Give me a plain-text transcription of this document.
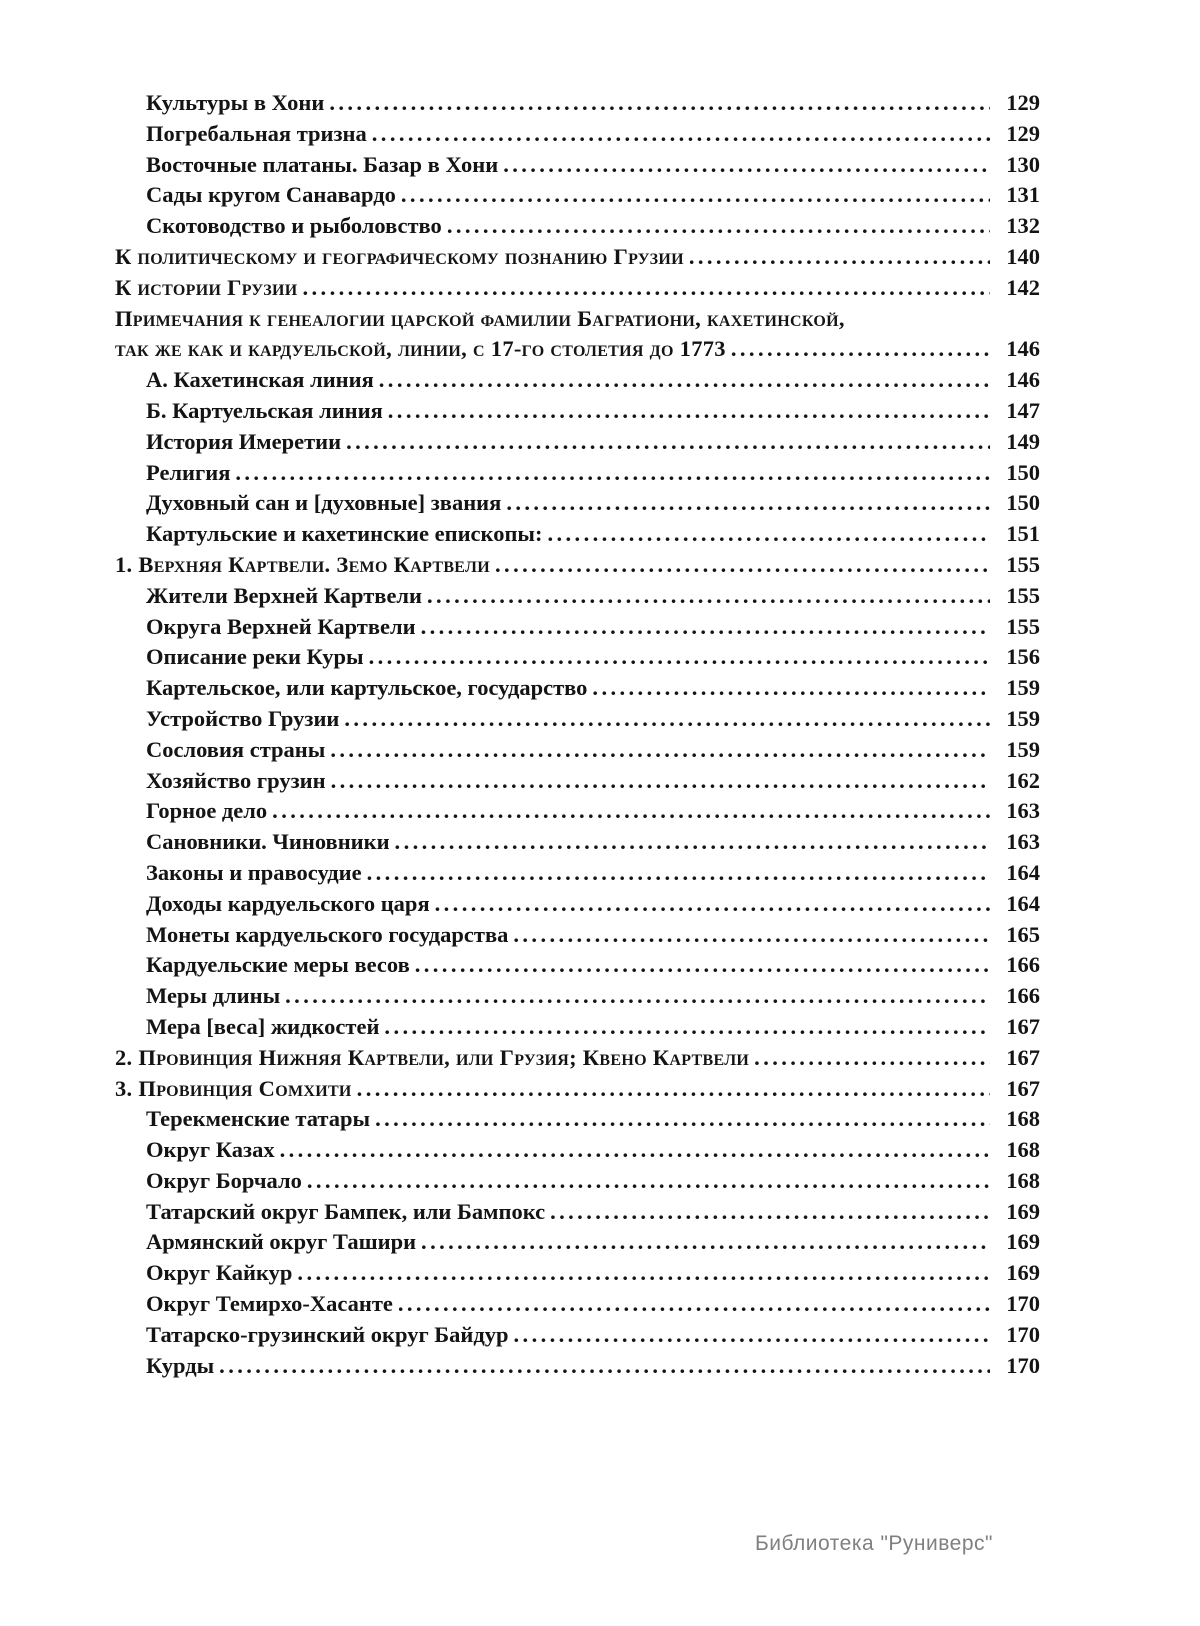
Культуры в Хони .....	129
Погребальная тризна .....	129
Восточные платаны. Базар в Хони .....	130
Сады кругом Санавардо .....	131
Скотоводство и рыболовство .....	132
К политическому и географическому познанию Грузии .....	140
К истории Грузии .....	142
Примечания к генеалогии царской фамилии Багратиони, кахетинской,
так же как и кардуельской, линии, с 17-го столетия до 1773 .....	146
А. Кахетинская линия .....	146
Б. Картуельская линия .....	147
История Имеретии .....	149
Религия .....	150
Духовный сан и [духовные] звания .....	150
Картульские и кахетинские епископы: .....	151
1. Верхняя Картвели. Земо Картвели .....	155
Жители Верхней Картвели .....	155
Округа Верхней Картвели .....	155
Описание реки Куры .....	156
Картельское, или картульское, государство .....	159
Устройство Грузии .....	159
Сословия страны .....	159
Хозяйство грузин .....	162
Горное дело .....	163
Сановники. Чиновники .....	163
Законы и правосудие .....	164
Доходы кардуельского царя .....	164
Монеты кардуельского государства .....	165
Кардуельские меры весов .....	166
Меры длины .....	166
Мера [веса] жидкостей .....	167
2. Провинция Нижняя Картвели, или Грузия; Квено Картвели .....	167
3. Провинция Сомхити .....	167
Терекменские татары .....	168
Округ Казах .....	168
Округ Борчало .....	168
Татарский округ Бампек, или Бампокс .....	169
Армянский округ Ташири .....	169
Округ Кайкур .....	169
Округ Темирхо-Хасанте .....	170
Татарско-грузинский округ Байдур .....	170
Курды .....	170
Библиотека "Руниверс"
